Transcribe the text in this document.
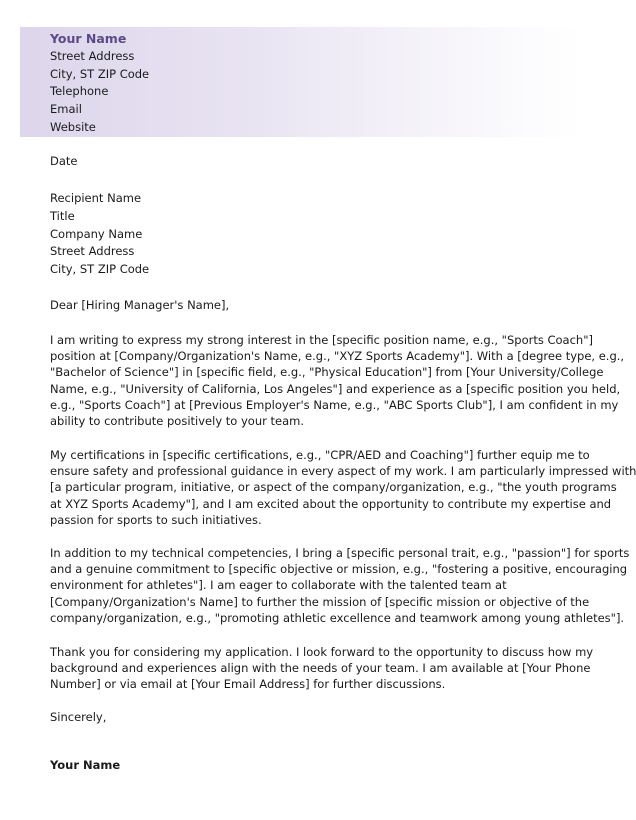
Your Name
Street Address
City, ST ZIP Code
Telephone
Email
Website
Date
Recipient Name
Title
Company Name
Street Address
City, ST ZIP Code
Dear [Hiring Manager's Name],
I am writing to express my strong interest in the [specific position name, e.g., "Sports Coach"]
position at [Company/Organization's Name, e.g., "XYZ Sports Academy"]. With a [degree type, e.g.,
"Bachelor of Science"] in [specific field, e.g., "Physical Education"] from [Your University/College
Name, e.g., "University of California, Los Angeles"] and experience as a [specific position you held,
e.g., "Sports Coach"] at [Previous Employer's Name, e.g., "ABC Sports Club"], I am confident in my
ability to contribute positively to your team.
My certifications in [specific certifications, e.g., "CPR/AED and Coaching"] further equip me to
ensure safety and professional guidance in every aspect of my work. I am particularly impressed with
[a particular program, initiative, or aspect of the company/organization, e.g., "the youth programs
at XYZ Sports Academy"], and I am excited about the opportunity to contribute my expertise and
passion for sports to such initiatives.
In addition to my technical competencies, I bring a [specific personal trait, e.g., "passion"] for sports
and a genuine commitment to [specific objective or mission, e.g., "fostering a positive, encouraging
environment for athletes"]. I am eager to collaborate with the talented team at
[Company/Organization's Name] to further the mission of [specific mission or objective of the
company/organization, e.g., "promoting athletic excellence and teamwork among young athletes"].
Thank you for considering my application. I look forward to the opportunity to discuss how my
background and experiences align with the needs of your team. I am available at [Your Phone
Number] or via email at [Your Email Address] for further discussions.
Sincerely,
Your Name
